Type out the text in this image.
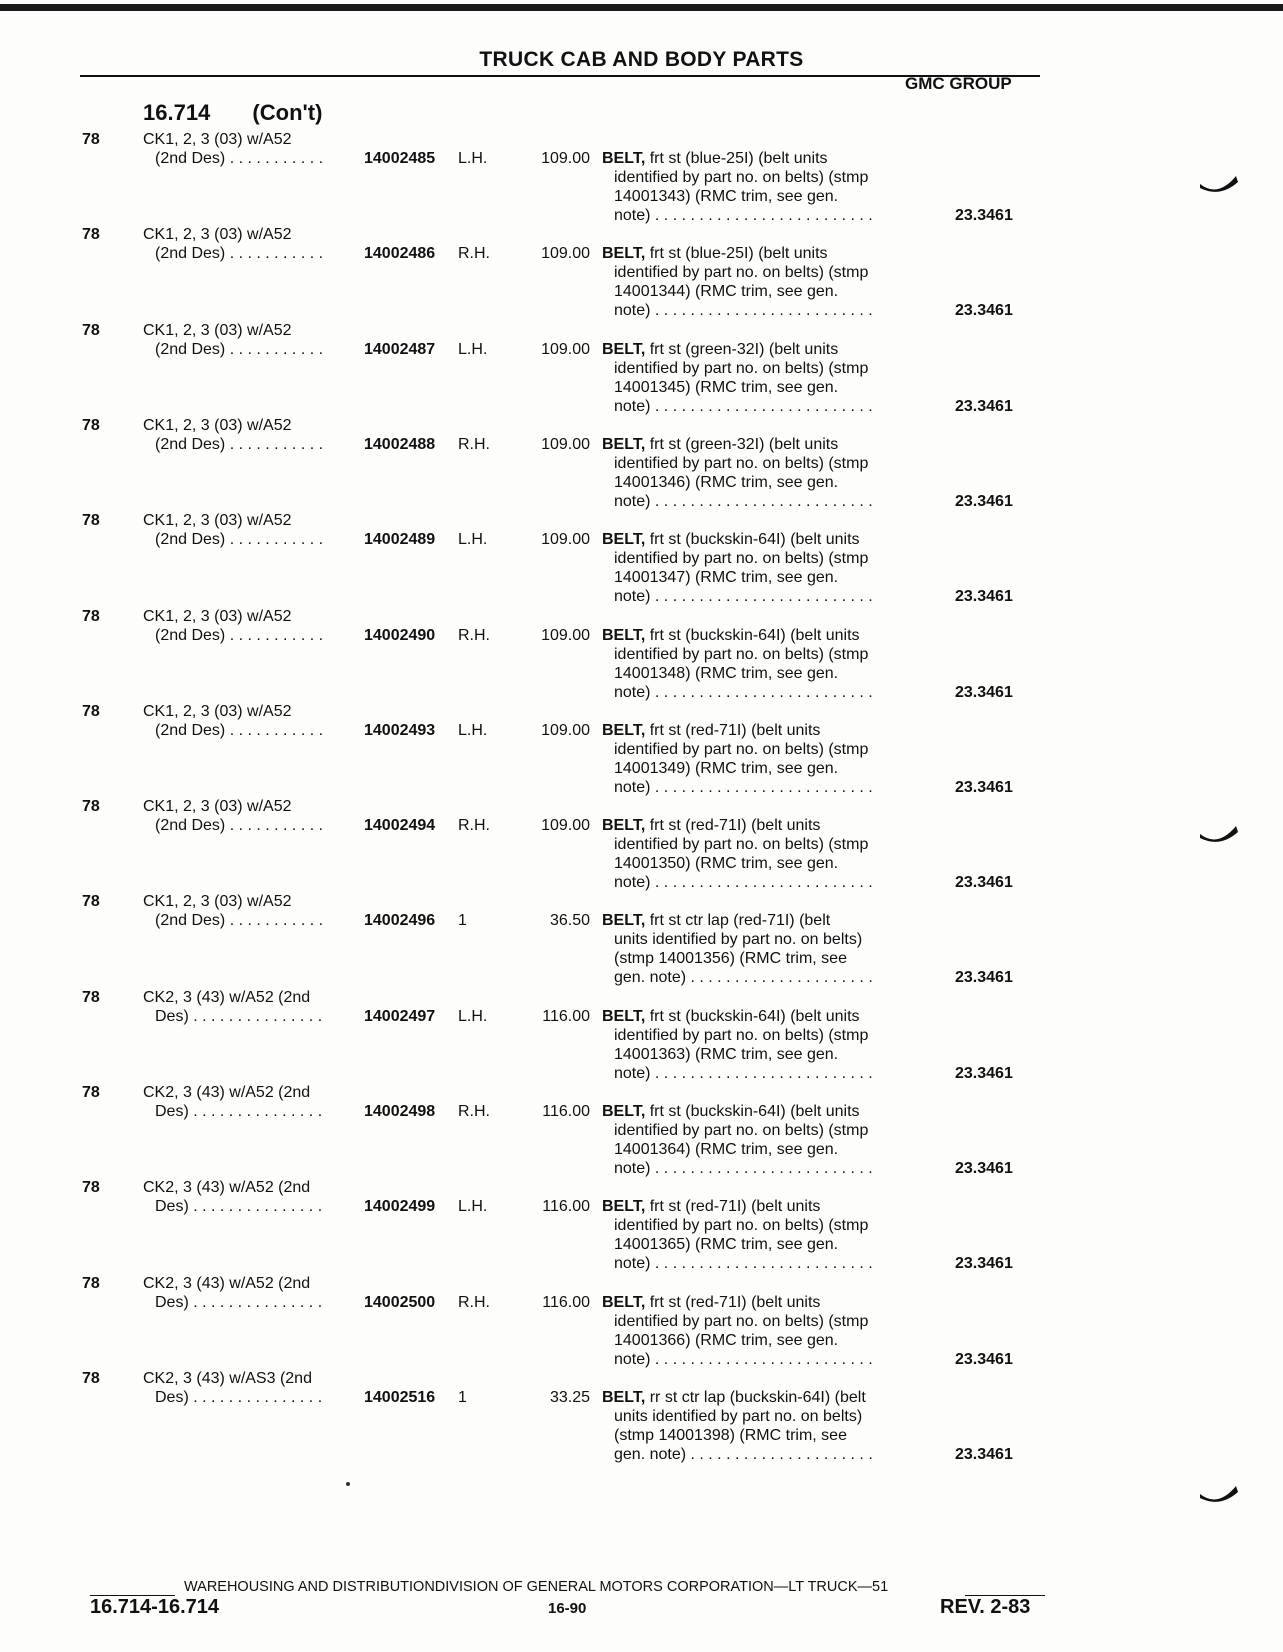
TRUCK CAB AND BODY PARTS
GMC GROUP
16.714 (Con't)
78	CK1, 2, 3 (03) w/A52
(2nd Des) . . . . . . . . . . .	14002485 L.H.	109.00 BELT, frt st (blue-25I) (belt units
identified by part no. on belts) (stmp
14001343) (RMC trim, see gen.
note) . . . . . . . . . . . . . . . . . . . . . . . . .	23.3461
78	CK1, 2, 3 (03) w/A52
(2nd Des) . . . . . . . . . . .	14002486 R.H.	109.00 BELT, frt st (blue-25I) (belt units
identified by part no. on belts) (stmp
14001344) (RMC trim, see gen.
note) . . . . . . . . . . . . . . . . . . . . . . . . .	23.3461
78	CK1, 2, 3 (03) w/A52
(2nd Des) . . . . . . . . . . .	14002487 L.H.	109.00 BELT, frt st (green-32I) (belt units
identified by part no. on belts) (stmp
14001345) (RMC trim, see gen.
note) . . . . . . . . . . . . . . . . . . . . . . . . .	23.3461
78	CK1, 2, 3 (03) w/A52
(2nd Des) . . . . . . . . . . .	14002488 R.H.	109.00 BELT, frt st (green-32I) (belt units
identified by part no. on belts) (stmp
14001346) (RMC trim, see gen.
note) . . . . . . . . . . . . . . . . . . . . . . . . .	23.3461
78	CK1, 2, 3 (03) w/A52
(2nd Des) . . . . . . . . . . .	14002489 L.H.	109.00 BELT, frt st (buckskin-64I) (belt units
identified by part no. on belts) (stmp
14001347) (RMC trim, see gen.
note) . . . . . . . . . . . . . . . . . . . . . . . . .	23.3461
78	CK1, 2, 3 (03) w/A52
(2nd Des) . . . . . . . . . . .	14002490 R.H.	109.00 BELT, frt st (buckskin-64I) (belt units
identified by part no. on belts) (stmp
14001348) (RMC trim, see gen.
note) . . . . . . . . . . . . . . . . . . . . . . . . .	23.3461
78	CK1, 2, 3 (03) w/A52
(2nd Des) . . . . . . . . . . .	14002493 L.H.	109.00 BELT, frt st (red-71I) (belt units
identified by part no. on belts) (stmp
14001349) (RMC trim, see gen.
note) . . . . . . . . . . . . . . . . . . . . . . . . .	23.3461
78	CK1, 2, 3 (03) w/A52
(2nd Des) . . . . . . . . . . .	14002494 R.H.	109.00 BELT, frt st (red-71I) (belt units
identified by part no. on belts) (stmp
14001350) (RMC trim, see gen.
note) . . . . . . . . . . . . . . . . . . . . . . . . .	23.3461
78	CK1, 2, 3 (03) w/A52
(2nd Des) . . . . . . . . . . .	14002496 1	36.50 BELT, frt st ctr lap (red-71I) (belt
units identified by part no. on belts)
(stmp 14001356) (RMC trim, see
gen. note) . . . . . . . . . . . . . . . . . . . . .	23.3461
78	CK2, 3 (43) w/A52 (2nd
Des) . . . . . . . . . . . . . . .	14002497 L.H.	116.00 BELT, frt st (buckskin-64I) (belt units
identified by part no. on belts) (stmp
14001363) (RMC trim, see gen.
note) . . . . . . . . . . . . . . . . . . . . . . . . .	23.3461
78	CK2, 3 (43) w/A52 (2nd
Des) . . . . . . . . . . . . . . .	14002498 R.H.	116.00 BELT, frt st (buckskin-64I) (belt units
identified by part no. on belts) (stmp
14001364) (RMC trim, see gen.
note) . . . . . . . . . . . . . . . . . . . . . . . . .	23.3461
78	CK2, 3 (43) w/A52 (2nd
Des) . . . . . . . . . . . . . . .	14002499 L.H.	116.00 BELT, frt st (red-71I) (belt units
identified by part no. on belts) (stmp
14001365) (RMC trim, see gen.
note) . . . . . . . . . . . . . . . . . . . . . . . . .	23.3461
78	CK2, 3 (43) w/A52 (2nd
Des) . . . . . . . . . . . . . . .	14002500 R.H.	116.00 BELT, frt st (red-71I) (belt units
identified by part no. on belts) (stmp
14001366) (RMC trim, see gen.
note) . . . . . . . . . . . . . . . . . . . . . . . . .	23.3461
78	CK2, 3 (43) w/AS3 (2nd
Des) . . . . . . . . . . . . . . .	14002516 1	33.25 BELT, rr st ctr lap (buckskin-64I) (belt
units identified by part no. on belts)
(stmp 14001398) (RMC trim, see
gen. note) . . . . . . . . . . . . . . . . . . . . .	23.3461
WAREHOUSING AND DISTRIBUTIONDIVISION OF GENERAL MOTORS CORPORATION—LT TRUCK—51
16.714-16.714	16-90	REV. 2-83
